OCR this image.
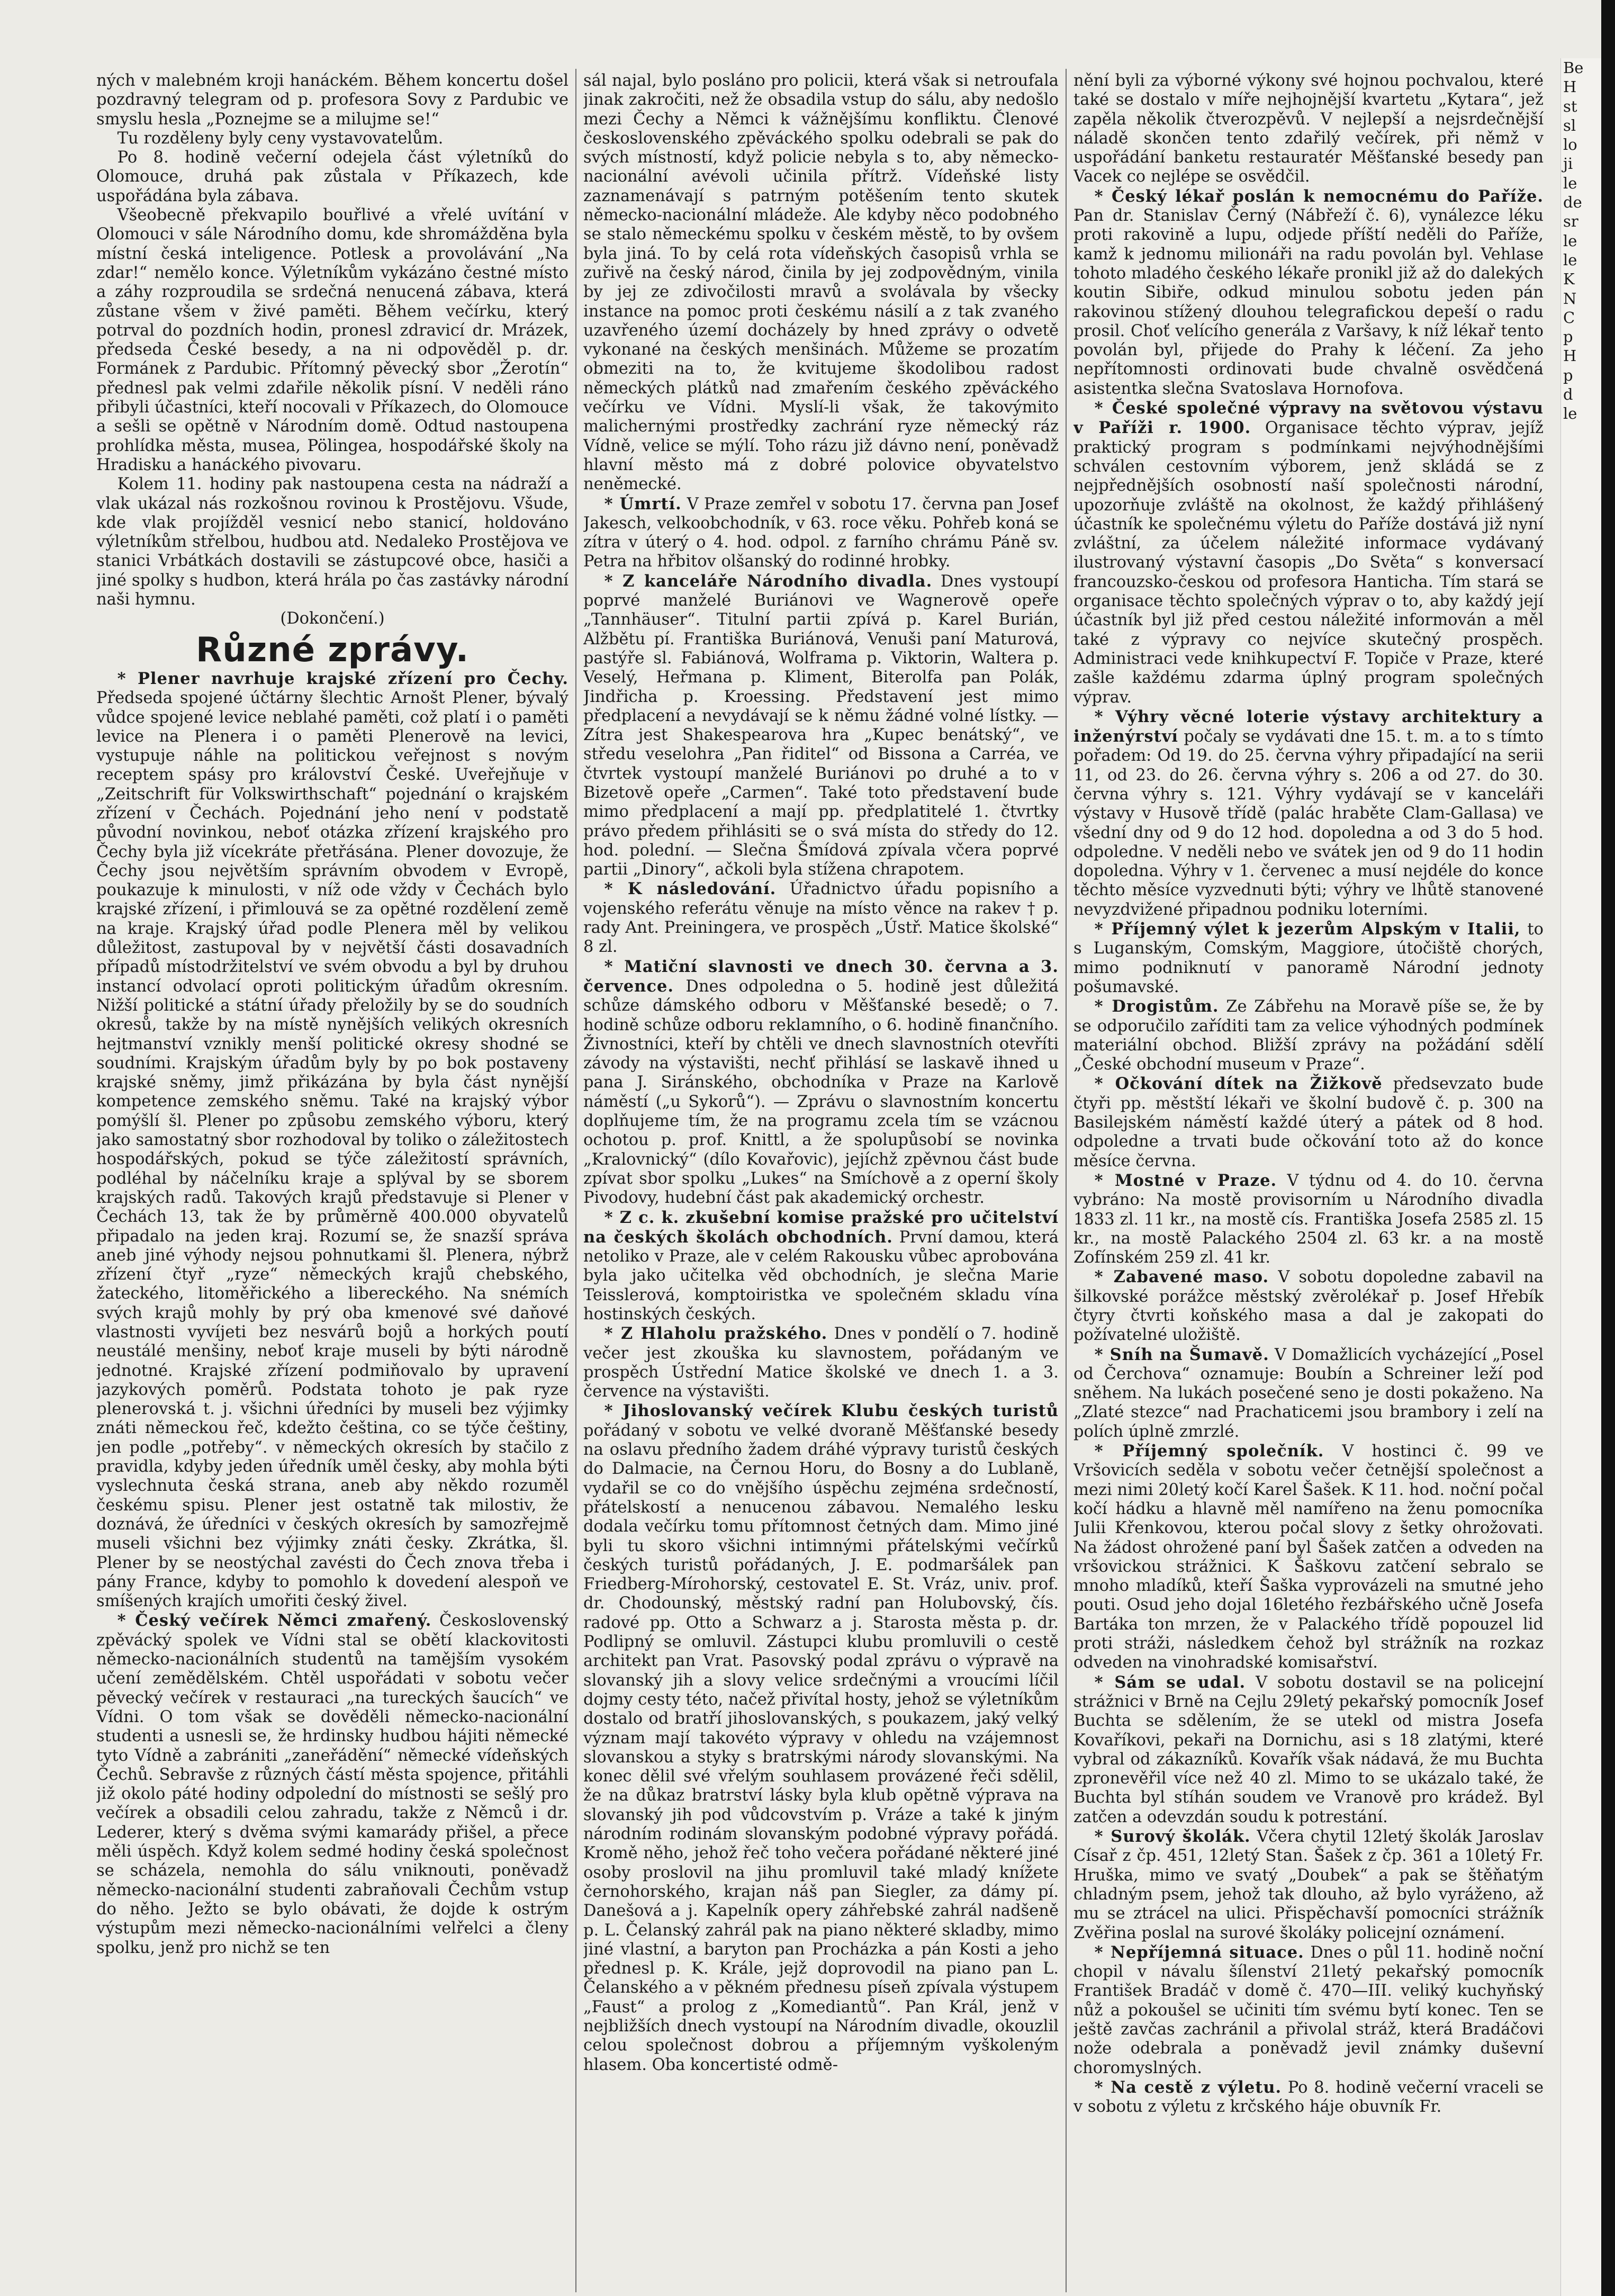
ných v malebném kroji hanáckém. Během koncertu došel pozdravný telegram od p. profesora Sovy z Pardubic ve smyslu hesla „Poznejme se a milujme se!“

Tu rozděleny byly ceny vystavovatelům.

Po 8. hodině večerní odejela část výletníků do Olomouce, druhá pak zůstala v Příkazech, kde uspořádána byla zábava.

Všeobecně překvapilo bouřlivé a vřelé uvítání v Olomouci v sále Národního domu, kde shromážděna byla místní česká inteligence. Potlesk a provolávání „Na zdar!“ nemělo konce. Výletníkům vykázáno čestné místo a záhy rozproudila se srdečná nenucená zábava, která zůstane všem v živé paměti. Během večírku, který potrval do pozdních hodin, pronesl zdravicí dr. Mrázek, předseda České besedy, a na ni odpověděl p. dr. Formánek z Pardubic. Přítomný pěvecký sbor „Žerotín“ přednesl pak velmi zdařile několik písní. V neděli ráno přibyli účastníci, kteří nocovali v Příkazech, do Olomouce a sešli se opětně v Národním domě. Odtud nastoupena prohlídka města, musea, Pölingea, hospodářské školy na Hradisku a hanáckého pivovaru.

Kolem 11. hodiny pak nastoupena cesta na nádraží a vlak ukázal nás rozkošnou rovinou k Prostějovu. Všude, kde vlak projížděl vesnicí nebo stanicí, holdováno výletníkům střelbou, hudbou atd. Nedaleko Prostějova ve stanici Vrbátkách dostavili se zástupcové obce, hasiči a jiné spolky s hudbon, která hrála po čas zastávky národní naši hymnu.

(Dokončení.)

Různé zprávy.

* Plener navrhuje krajské zřízení pro Čechy. Předseda spojené účtárny šlechtic Arnošt Plener, bývalý vůdce spojené levice neblahé paměti, což platí i o paměti levice na Plenera i o paměti Plenerově na levici, vystupuje náhle na politickou veřejnost s novým receptem spásy pro království České. Uveřejňuje v „Zeitschrift für Volkswirthschaft“ pojednání o krajském zřízení v Čechách. Pojednání jeho není v podstatě původní novinkou, neboť otázka zřízení krajského pro Čechy byla již vícekráte přetřásána. Plener dovozuje, že Čechy jsou největším správním obvodem v Evropě, poukazuje k minulosti, v níž ode vždy v Čechách bylo krajské zřízení, i přimlouvá se za opětné rozdělení země na kraje. Krajský úřad podle Plenera měl by velikou důležitost, zastupoval by v největší části dosavadních případů místodržitelství ve svém obvodu a byl by druhou instancí odvolací oproti politickým úřadům okresním. Nižší politické a státní úřady přeložily by se do soudních okresů, takže by na místě nynějších velikých okresních hejtmanství vznikly menší politické okresy shodné se soudními. Krajským úřadům byly by po bok postaveny krajské sněmy, jimž přikázána by byla část nynější kompetence zemského sněmu. Také na krajský výbor pomýšlí šl. Plener po způsobu zemského výboru, který jako samostatný sbor rozhodoval by toliko o záležitostech hospodářských, pokud se týče záležitostí správních, podléhal by náčelníku kraje a splýval by se sborem krajských radů. Takových krajů představuje si Plener v Čechách 13, tak že by průměrně 400.000 obyvatelů připadalo na jeden kraj. Rozumí se, že snazší správa aneb jiné výhody nejsou pohnutkami šl. Plenera, nýbrž zřízení čtyř „ryze“ německých krajů chebského, žateckého, litoměřického a libereckého. Na snémích svých krajů mohly by prý oba kmenové své daňové vlastnosti vyvíjeti bez nesvárů bojů a horkých poutí neustálé menšiny, neboť kraje museli by býti národně jednotné. Krajské zřízení podmiňovalo by upravení jazykových poměrů. Podstata tohoto je pak ryze plenerovská t. j. všichni úředníci by museli bez výjimky znáti německou řeč, kdežto čeština, co se týče češtiny, jen podle „potřeby“. v německých okresích by stačilo z pravidla, kdyby jeden úředník uměl česky, aby mohla býti vyslechnuta česká strana, aneb aby někdo rozuměl českému spisu. Plener jest ostatně tak milostiv, že doznává, že úředníci v českých okresích by samozřejmě museli všichni bez výjimky znáti česky. Zkrátka, šl. Plener by se neostýchal zavésti do Čech znova třeba i pány France, kdyby to pomohlo k dovedení alespoň ve smíšených krajích umořiti český živel.

* Český večírek Němci zmařený. Československý zpěvácký spolek ve Vídni stal se obětí klackovitosti německo-nacionálních studentů na tamějším vysokém učení zemědělském. Chtěl uspořádati v sobotu večer pěvecký večírek v restauraci „na tureckých šaucích“ ve Vídni. O tom však se dověděli německo-nacionální studenti a usnesli se, že hrdinsky hudbou hájiti německé tyto Vídně a zabrániti „zaneřádění“ německé vídeňských Čechů. Sebravše z různých částí města spojence, přitáhli již okolo páté hodiny odpolední do místnosti se sešlý pro večírek a obsadili celou zahradu, takže z Němců i dr. Lederer, který s dvěma svými kamarády přišel, a přece měli úspěch. Když kolem sedmé hodiny česká společnost se scházela, nemohla do sálu vniknouti, poněvadž německo-nacionální studenti zabraňovali Čechům vstup do něho. Ježto se bylo obávati, že dojde k ostrým výstupům mezi německo-nacionálními velřelci a členy spolku, jenž pro nichž se ten

sál najal, bylo posláno pro policii, která však si netroufala jinak zakročiti, než že obsadila vstup do sálu, aby nedošlo mezi Čechy a Němci k vážnějšímu konfliktu. Členové československého zpěváckého spolku odebrali se pak do svých místností, když policie nebyla s to, aby německo-nacionální avévoli učinila přítrž. Vídeňské listy zaznamenávají s patrným potěšením tento skutek německo-nacionální mládeže. Ale kdyby něco podobného se stalo německému spolku v českém městě, to by ovšem byla jiná. To by celá rota vídeňských časopisů vrhla se zuřivě na český národ, činila by jej zodpovědným, vinila by jej ze zdivočilosti mravů a svolávala by všecky instance na pomoc proti českému násilí a z tak zvaného uzavřeného území docházely by hned zprávy o odvetě vykonané na českých menšinách. Můžeme se prozatím obmeziti na to, že kvitujeme škodolibou radost německých plátků nad zmařením českého zpěváckého večírku ve Vídni. Myslí-li však, že takovýmito malichernými prostředky zachrání ryze německý ráz Vídně, velice se mýlí. Toho rázu již dávno není, poněvadž hlavní město má z dobré polovice obyvatelstvo neněmecké.

* Úmrtí. V Praze zemřel v sobotu 17. června pan Josef Jakesch, velkoobchodník, v 63. roce věku. Pohřeb koná se zítra v úterý o 4. hod. odpol. z farního chrámu Páně sv. Petra na hřbitov olšanský do rodinné hrobky.

* Z kanceláře Národního divadla. Dnes vystoupí poprvé manželé Buriánovi ve Wagnerově opeře „Tannhäuser“. Titulní partii zpívá p. Karel Burián, Alžbětu pí. Františka Buriánová, Venuši paní Maturová, pastýře sl. Fabiánová, Wolframa p. Viktorin, Waltera p. Veselý, Heřmana p. Kliment, Biterolfa pan Polák, Jindřicha p. Kroessing. Představení jest mimo předplacení a nevydávají se k němu žádné volné lístky. — Zítra jest Shakespearova hra „Kupec benátský“, ve středu veselohra „Pan řiditel“ od Bissona a Carréa, ve čtvrtek vystoupí manželé Buriánovi po druhé a to v Bizetově opeře „Carmen“. Také toto představení bude mimo předplacení a mají pp. předplatitelé 1. čtvrtky právo předem přihlásiti se o svá místa do středy do 12. hod. polední. — Slečna Šmídová zpívala včera poprvé partii „Dinory“, ačkoli byla stížena chrapotem.

* K následování. Úřadnictvo úřadu popisního a vojenského referátu věnuje na místo věnce na rakev † p. rady Ant. Preiningera, ve prospěch „Ústř. Matice školské“ 8 zl.

* Matiční slavnosti ve dnech 30. června a 3. července. Dnes odpoledna o 5. hodině jest důležitá schůze dámského odboru v Měšťanské besedě; o 7. hodině schůze odboru reklamního, o 6. hodině finančního. Živnostníci, kteří by chtěli ve dnech slavnostních otevříti závody na výstavišti, nechť přihlásí se laskavě ihned u pana J. Siránského, obchodníka v Praze na Karlově náměstí („u Sykorů“). — Zprávu o slavnostním koncertu doplňujeme tím, že na programu zcela tím se vzácnou ochotou p. prof. Knittl, a že spolupůsobí se novinka „Kralovnický“ (dílo Kovařovic), jejíchž zpěvnou část bude zpívat sbor spolku „Lukes“ na Smíchově a z operní školy Pivodovy, hudební část pak akademický orchestr.

* Z c. k. zkušební komise pražské pro učitelství na českých školách obchodních. První damou, která netoliko v Praze, ale v celém Rakousku vůbec aprobována byla jako učitelka věd obchodních, je slečna Marie Teisslerová, komptoiristka ve společném skladu vína hostinských českých.

* Z Hlaholu pražského. Dnes v pondělí o 7. hodině večer jest zkouška ku slavnostem, pořádaným ve prospěch Ústřední Matice školské ve dnech 1. a 3. července na výstavišti.

* Jihoslovanský večírek Klubu českých turistů pořádaný v sobotu ve velké dvoraně Měšťanské besedy na oslavu předního žadem dráhé výpravy turistů českých do Dalmacie, na Černou Horu, do Bosny a do Lublaně, vydařil se co do vnějšího úspěchu zejména srdečností, přátelskostí a nenucenou zábavou. Nemalého lesku dodala večírku tomu přítomnost četných dam. Mimo jiné byli tu skoro všichni intimnými přátelskými večírků českých turistů pořádaných, J. E. podmaršálek pan Friedberg-Mírohorský, cestovatel E. St. Vráz, univ. prof. dr. Chodounský, městský radní pan Holubovský, čís. radové pp. Otto a Schwarz a j. Starosta města p. dr. Podlipný se omluvil. Zástupci klubu promluvili o cestě architekt pan Vrat. Pasovský podal zprávu o výpravě na slovanský jih a slovy velice srdečnými a vroucími líčil dojmy cesty této, načež přivítal hosty, jehož se výletníkům dostalo od bratří jihoslovanských, s poukazem, jaký velký význam mají takovéto výpravy v ohledu na vzájemnost slovanskou a styky s bratrskými národy slovanskými. Na konec dělil své vřelým souhlasem provázené řeči sdělil, že na důkaz bratrství lásky byla klub opětně výprava na slovanský jih pod vůdcovstvím p. Vráze a také k jiným národním rodinám slovanským podobné výpravy pořádá. Kromě něho, jehož řeč toho večera pořádané některé jiné osoby proslovil na jihu promluvil také mladý knížete černohorského, krajan náš pan Siegler, za dámy pí. Danešová a j. Kapelník opery záhřebské zahrál nadšeně p. L. Čelanský zahrál pak na piano některé skladby, mimo jiné vlastní, a baryton pan Procházka a pán Kosti a jeho přednesl p. K. Krále, jejž doprovodil na piano pan L. Čelanského a v pěkném přednesu píseň zpívala výstupem „Faust“ a prolog z „Komediantů“. Pan Král, jenž v nejbližších dnech vystoupí na Národním divadle, okouzlil celou společnost dobrou a příjemným vyškoleným hlasem. Oba koncertisté odmě-

nění byli za výborné výkony své hojnou pochvalou, které také se dostalo v míře nejhojnější kvartetu „Kytara“, jež zapěla několik čtverozpěvů. V nejlepší a nejsrdečnější náladě skončen tento zdařilý večírek, při němž v uspořádání banketu restauratér Měšťanské besedy pan Vacek co nejlépe se osvědčil.

* Český lékař poslán k nemocnému do Paříže. Pan dr. Stanislav Černý (Nábřeží č. 6), vynálezce léku proti rakovině a lupu, odjede příští neděli do Paříže, kamž k jednomu milionáři na radu povolán byl. Vehlase tohoto mladého českého lékaře pronikl již až do dalekých koutin Sibiře, odkud minulou sobotu jeden pán rakovinou stížený dlouhou telegrafickou depeší o radu prosil. Choť velícího generála z Varšavy, k níž lékař tento povolán byl, přijede do Prahy k léčení. Za jeho nepřítomnosti ordinovati bude chvalně osvědčená asistentka slečna Svatoslava Hornofova.

* České společné výpravy na světovou výstavu v Paříži r. 1900. Organisace těchto výprav, jejíž praktický program s podmínkami nejvýhodnějšími schválen cestovním výborem, jenž skládá se z nejpřednějších osobností naší společnosti národní, upozorňuje zvláště na okolnost, že každý přihlášený účastník ke společnému výletu do Paříže dostává již nyní zvláštní, za účelem náležité informace vydávaný ilustrovaný výstavní časopis „Do Světa“ s konversací francouzsko-českou od profesora Hanticha. Tím stará se organisace těchto společných výprav o to, aby každý její účastník byl již před cestou náležité informován a měl také z výpravy co nejvíce skutečný prospěch. Administraci vede knihkupectví F. Topiče v Praze, které zašle každému zdarma úplný program společných výprav.

* Výhry věcné loterie výstavy architektury a inženýrství počaly se vydávati dne 15. t. m. a to s tímto pořadem: Od 19. do 25. června výhry připadající na serii 11, od 23. do 26. června výhry s. 206 a od 27. do 30. června výhry s. 121. Výhry vydávají se v kanceláři výstavy v Husově třídě (palác hraběte Clam-Gallasa) ve všední dny od 9 do 12 hod. dopoledna a od 3 do 5 hod. odpoledne. V neděli nebo ve svátek jen od 9 do 11 hodin dopoledna. Výhry v 1. červenec a musí nejdéle do konce těchto měsíce vyzvednuti býti; výhry ve lhůtě stanovené nevyzdvižené připadnou podniku loterními.

* Příjemný výlet k jezerům Alpským v Italii, to s Luganským, Comským, Maggiore, útočiště chorých, mimo podniknutí v panoramě Národní jednoty pošumavské.

* Drogistům. Ze Zábřehu na Moravě píše se, že by se odporučilo zaříditi tam za velice výhodných podmínek materiální obchod. Bližší zprávy na požádání sdělí „České obchodní museum v Praze“.

* Očkování dítek na Žižkově předsevzato bude čtyři pp. městští lékaři ve školní budově č. p. 300 na Basilejském náměstí každé úterý a pátek od 8 hod. odpoledne a trvati bude očkování toto až do konce měsíce června.

* Mostné v Praze. V týdnu od 4. do 10. června vybráno: Na mostě provisorním u Národního divadla 1833 zl. 11 kr., na mostě cís. Františka Josefa 2585 zl. 15 kr., na mostě Palackého 2504 zl. 63 kr. a na mostě Zofínském 259 zl. 41 kr.

* Zabavené maso. V sobotu dopoledne zabavil na šilkovské porážce městský zvěrolékař p. Josef Hřebík čtyry čtvrti koňského masa a dal je zakopati do požívatelné uložiště.

* Sníh na Šumavě. V Domažlicích vycházející „Posel od Čerchova“ oznamuje: Boubín a Schreiner leží pod sněhem. Na lukách posečené seno je dosti pokaženo. Na „Zlaté stezce“ nad Prachaticemi jsou brambory i zelí na polích úplně zmrzlé.

* Příjemný společník. V hostinci č. 99 ve Vršovicích seděla v sobotu večer četnější společnost a mezi nimi 20letý kočí Karel Šašek. K 11. hod. noční počal kočí hádku a hlavně měl namířeno na ženu pomocníka Julii Křenkovou, kterou počal slovy z šetky ohrožovati. Na žádost ohrožené paní byl Šašek zatčen a odveden na vršovickou strážnici. K Šaškovu zatčení sebralo se mnoho mladíků, kteří Šaška vyprovázeli na smutné jeho pouti. Osud jeho dojal 16letého řezbářského učně Josefa Bartáka ton mrzen, že v Palackého třídě popouzel lid proti stráži, následkem čehož byl strážník na rozkaz odveden na vinohradské komisařství.

* Sám se udal. V sobotu dostavil se na policejní strážnici v Brně na Cejlu 29letý pekařský pomocník Josef Buchta se sdělením, že se utekl od mistra Josefa Kovaříkovi, pekaři na Dornichu, asi s 18 zlatými, které vybral od zákazníků. Kovařík však nádavá, že mu Buchta zpronevěřil více než 40 zl. Mimo to se ukázalo také, že Buchta byl stíhán soudem ve Vranově pro krádež. Byl zatčen a odevzdán soudu k potrestání.

* Surový školák. Včera chytil 12letý školák Jaroslav Císař z čp. 451, 12letý Stan. Šašek z čp. 361 a 10letý Fr. Hruška, mimo ve svatý „Doubek“ a pak se štěňatým chladným psem, jehož tak dlouho, až bylo vyráženo, až mu se ztrácel na ulici. Přispěchavší pomocníci strážník Zvěřina poslal na surové školáky policejní oznámení.

* Nepříjemná situace. Dnes o půl 11. hodině noční chopil v návalu šílenství 21letý pekařský pomocník František Bradáč v domě č. 470—III. veliký kuchyňský nůž a pokoušel se učiniti tím svému bytí konec. Ten se ještě zavčas zachránil a přivolal stráž, která Bradáčovi nože odebrala a poněvadž jevil známky duševní choromyslných.

* Na cestě z výletu. Po 8. hodině večerní vraceli se v sobotu z výletu z krčského háje obuvník Fr.

Be
H
st
sl
lo
ji
le
de
sr
le
le
K
N
C
p
H
p
d
le
